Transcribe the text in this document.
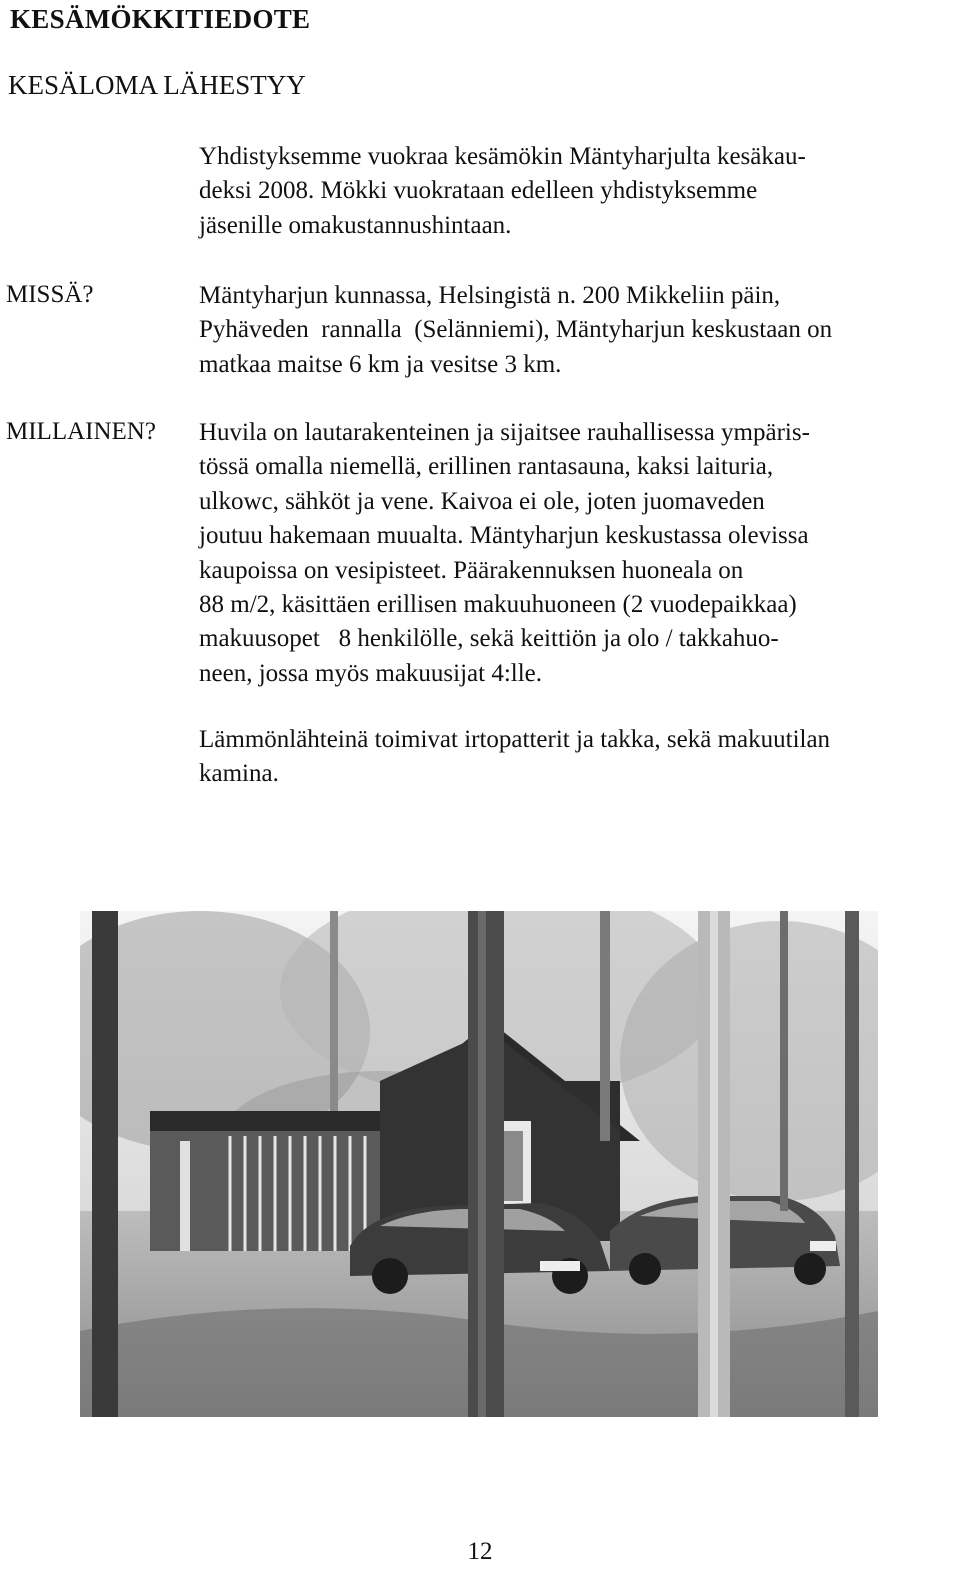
KESÄMÖKKITIEDOTE
KESÄLOMA LÄHESTYY
Yhdistyksemme vuokraa kesämökin Mäntyharjulta kesäkau-
deksi 2008. Mökki vuokrataan edelleen yhdistyksemme
jäsenille omakustannushintaan.
MISSÄ?	Mäntyharjun kunnassa, Helsingistä n. 200 Mikkeliin päin,
Pyhäveden  rannalla  (Selänniemi), Mäntyharjun keskustaan on
matkaa maitse 6 km ja vesitse 3 km.
MILLAINEN? Huvila on lautarakenteinen ja sijaitsee rauhallisessa ympäris-
tössä omalla niemellä, erillinen rantasauna, kaksi laituria,
ulkowc, sähköt ja vene. Kaivoa ei ole, joten juomaveden
joutuu hakemaan muualta. Mäntyharjun keskustassa olevissa
kaupoissa on vesipisteet. Päärakennuksen huoneala on
88 m/2, käsittäen erillisen makuuhuoneen (2 vuodepaikkaa)
makuusopet   8 henkilölle, sekä keittiön ja olo / takkahuo-
neen, jossa myös makuusijat 4:lle.
Lämmönlähteinä toimivat irtopatterit ja takka, sekä makuutilan
kamina.
12
